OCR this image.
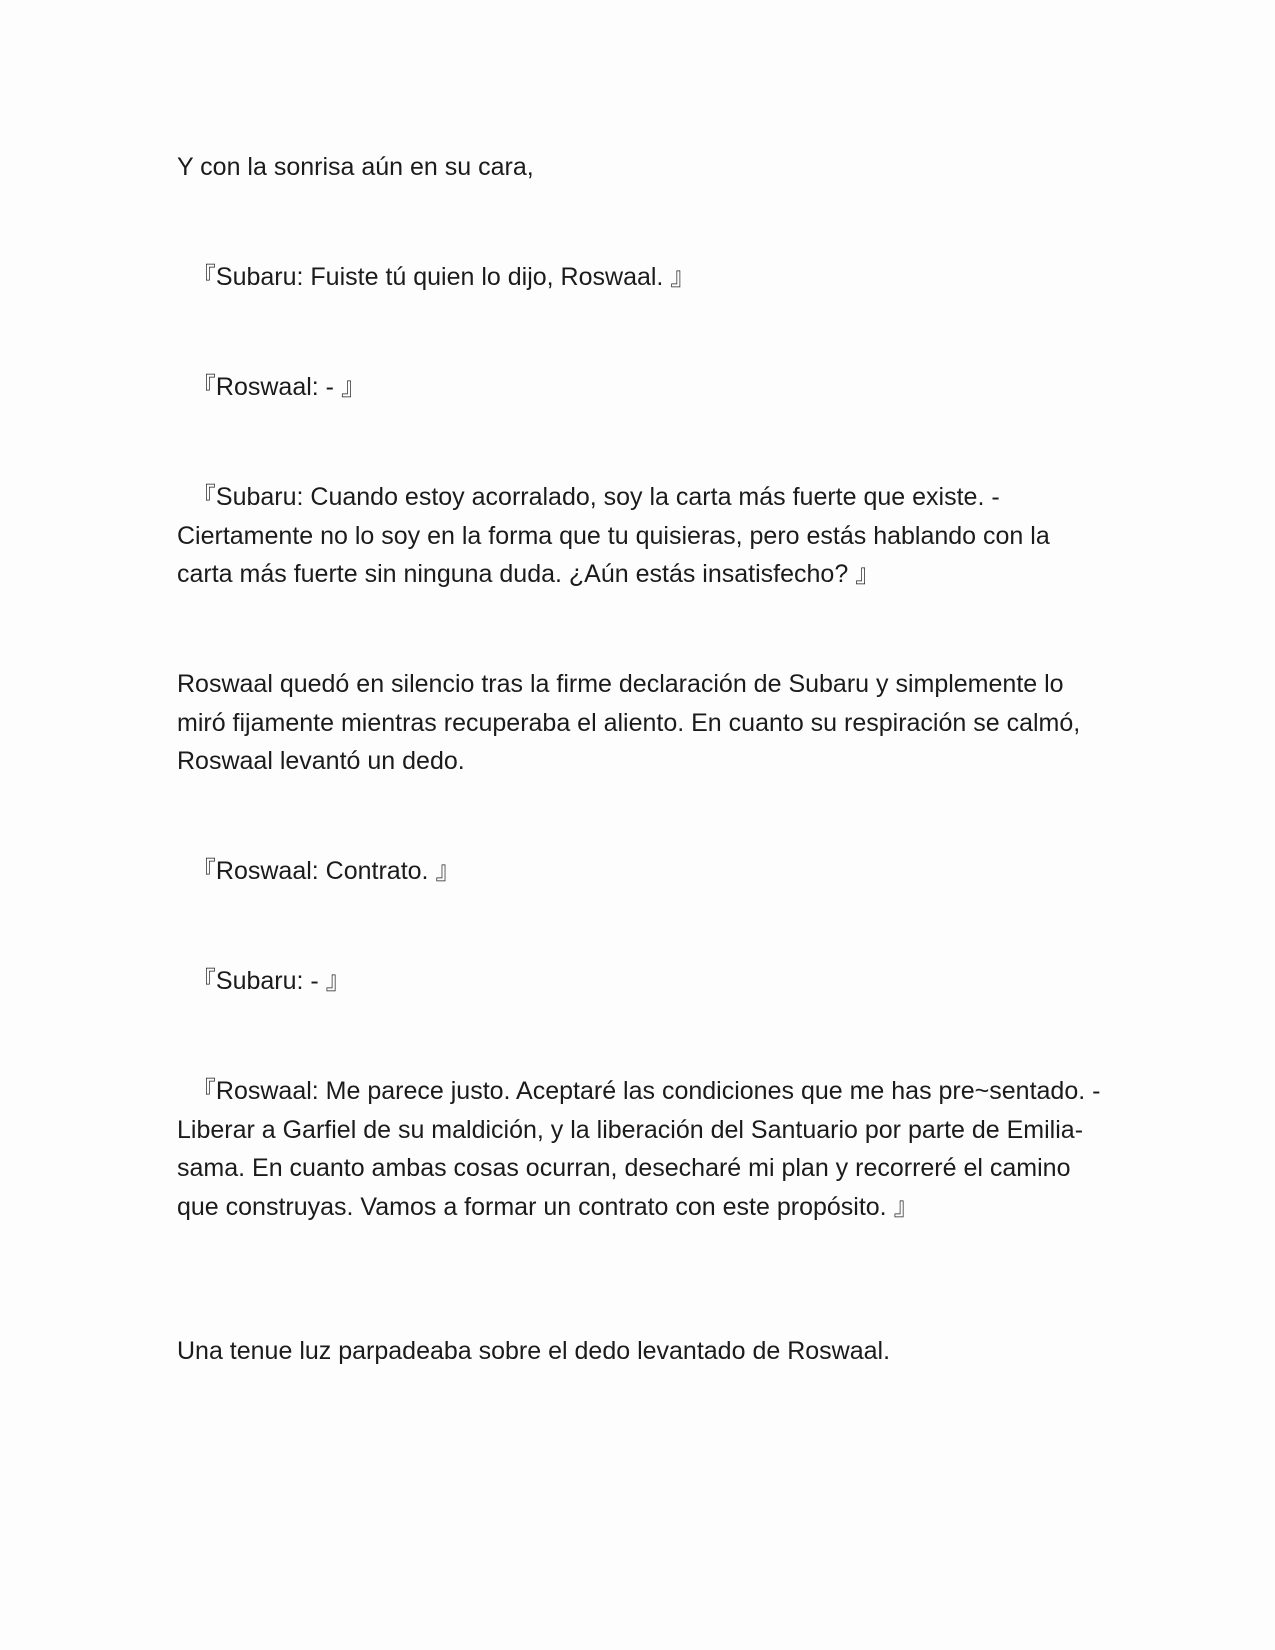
Y con la sonrisa aún en su cara,

『Subaru: Fuiste tú quien lo dijo, Roswaal. 』

『Roswaal: - 』

『Subaru: Cuando estoy acorralado, soy la carta más fuerte que existe. - Ciertamente no lo soy en la forma que tu quisieras, pero estás hablando con la carta más fuerte sin ninguna duda. ¿Aún estás insatisfecho? 』

Roswaal quedó en silencio tras la firme declaración de Subaru y simplemente lo miró fijamente mientras recuperaba el aliento. En cuanto su respiración se calmó, Roswaal levantó un dedo.

『Roswaal: Contrato. 』

『Subaru: - 』

『Roswaal: Me parece justo. Aceptaré las condiciones que me has pre~sentado. - Liberar a Garfiel de su maldición, y la liberación del Santuario por parte de Emilia-sama. En cuanto ambas cosas ocurran, desecharé mi plan y recorreré el camino que construyas. Vamos a formar un contrato con este propósito. 』

Una tenue luz parpadeaba sobre el dedo levantado de Roswaal.
